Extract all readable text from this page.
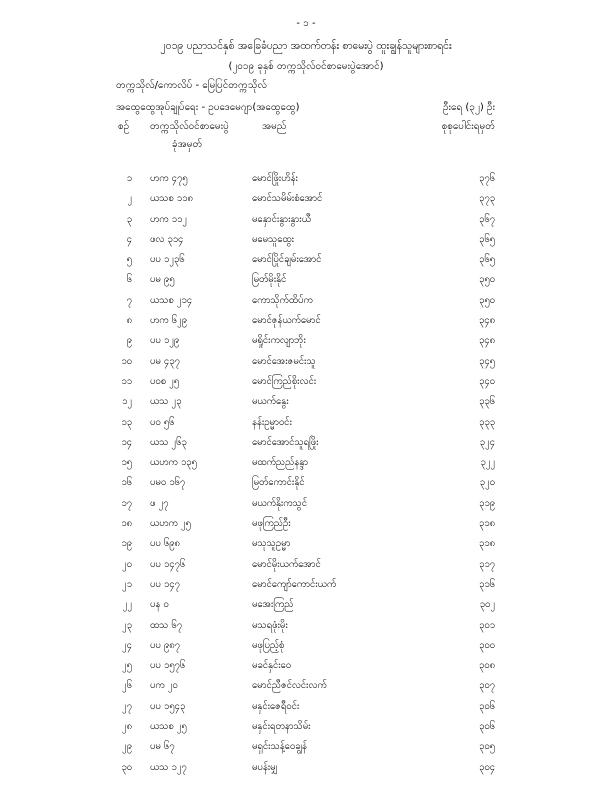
- ၁ -
၂၀၁၉ ပညာသင်နှစ် အခြေခံပညာ အထက်တန်း စာမေးပွဲ ထူးချွန်သူများစာရင်း
(၂၀၁၉ ခုနှစ် တက္ကသိုလ်ဝင်စာမေးပွဲအောင်)
တက္ကသိုလ်/ကောလိပ် - မြေပြင်တက္ကသိုလ်
အထွေထွေအုပ်ချုပ်ရေး - ဥပဒေမေဂျာ(အထွေထွေ)	ဦးရေ (၃၂) ဦး
စဉ် တက္ကသိုလ်ဝင်စာမေးပွဲ
ခုံအမှတ်
အမည်	စုစုပေါင်းရမှတ်
၁ ဟက ၄၇၅	မောင်ဖြိုးဟိန်း	၃၇၆
၂ ယသစ ၁၁၈	မောင်သမိမ်းစံအောင်	၃၇၃
၃ ဟက ၁၁၂	မနှောင်းနွားနွားယီ	၃၆၇
၄ ဖလ ၃၁၄	မမေသူထွေး	၃၆၅
၅ ပပ ၁၂၃၆	မောင်ပြိုင်ချမ်းအောင်	၃၆၅
၆ ပမ ၉၅	မြတ်မိုးနိုင်	၃၅၀
၇ ယသစ ၂၁၄	ကောသိုက်ထိပ်က	၃၅၀
၈ ဟက ၆၂၉	မောင်ဇုန်ယက်မောင်	၃၄၈
၉ ပပ ၁၂၉	မရှိုင်းကလျာဘိုး	၃၄၈
၁၀ ပမ ၄၃၇	မောင်အေးဇမင်းသူ	၃၄၅
၁၁ ပဝစ ၂၅	မောင်ကြည်စိုးလင်း	၃၄၀
၁၂ ယသ ၂၃	မယက်နွေး	၃၃၆
၁၃ ပဝ ၅၆	နန်းဥမ္မာဝင်း	၃၃၃
၁၄ ယသ ၂၆၃	မောင်အောင်သူရဖြိုး	၃၂၄
၁၅ ယဟက ၁၃၅	မထက်ညည်နန္ဒာ	၃၂၂
၁၆ ပမ၀ ၁၆၇	မြတ်ကောင်းနိုင်	၃၂၀
၁၇ ဖ ၂၇	မယက်နိုးကသွင်	၃၁၉
၁၈ ယဟက ၂၅	မဖုကြည်ဦး	၃၁၈
၁၉ ပပ ၆၉၈	မသုသူဥမ္မာ	၃၁၈
၂၀ ပပ ၁၄၇၆	မောင်မိုးယက်အောင်	၃၁၇
၂၁ ပပ ၁၄၇	မောင်ကျော်ကောင်းယက်	၃၁၆
၂၂ ပန ၀	မအေးကြည်	၃၀၂
၂၃ ထသ ၆၇	မသရဖုံးမိုး	၃၀၁
၂၄ ပပ ၉၈၇	မဖုပြည့်စုံ	၃၀၀
၂၅ ပပ ၁၅၇၆	မခင်နှင်းဝေ	၃၀၈
၂၆ ပက ၂၀	မောင်ညီဇင်လင်းလက်	၃၀၇
၂၇ ပပ ၁၅၄၃	မနှင်းဇေရီဝင်း	၃၀၆
၂၈ ယသစ ၂၅	မနှင်းရတနာသိမ်း	၃၀၆
၂၉ ပမ ၆၇	မရှင်းသန့်ဝေချွန်	၃၀၅
၃၀ ယသ ၁၂၇	မပန်းမျှ	၃၀၄
